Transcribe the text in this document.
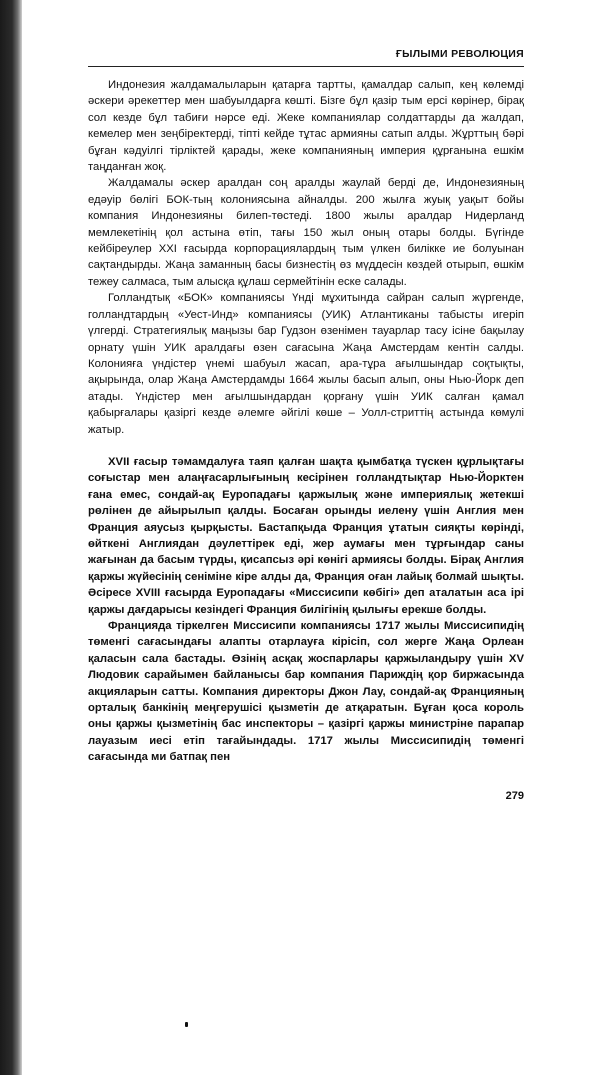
ҒЫЛЫМИ РЕВОЛЮЦИЯ

Индонезия жалдамалыларын қатарға тартты, қамалдар салып, кең көлемді әскери әрекеттер мен шабуылдарға көшті. Бізге бұл қазір тым ерсі көрінер, бірақ сол кезде бұл табиғи нәрсе еді. Жеке компаниялар солдаттарды да жалдап, кемелер мен зеңбіректерді, тіпті кейде тұтас армияны сатып алды. Жұрттың бәрі бұған кәдуілгі тірліктей қарады, жеке компанияның империя құрғанына ешкім таңданған жоқ.

Жалдамалы әскер аралдан соң аралды жаулай берді де, Индонезияның едәуір бөлігі БОК-тың колониясына айналды. 200 жылға жуық уақыт бойы компания Индонезияны билеп-төстеді. 1800 жылы аралдар Нидерланд мемлекетінің қол астына өтіп, тағы 150 жыл оның отары болды. Бүгінде кейбіреулер XXI ғасырда корпорациялардың тым үлкен билікке ие болуынан сақтандырды. Жаңа заманның басы бизнестің өз мүддесін көздей отырып, өшкім тежеу салмаса, тым алысқа құлаш сермейтінін еске салады.

Голландтық «БОК» компаниясы Үнді мұхитында сайран салып жүргенде, голландтардың «Уест-Инд» компаниясы (УИК) Атлантиканы табысты игеріп үлгерді. Стратегиялық маңызы бар Гудзон өзенімен тауарлар тасу ісіне бақылау орнату үшін УИК аралдағы өзен сағасына Жаңа Амстердам кентін салды. Колонияға үндістер үнемі шабуыл жасап, ара-тұра ағылшындар соқтықты, ақырында, олар Жаңа Амстердамды 1664 жылы басып алып, оны Нью-Йорк деп атады. Үндістер мен ағылшындардан қорғану үшін УИК салған қамал қабырғалары қазіргі кезде әлемге әйгілі көше – Уолл-стриттің астында көмулі жатыр.

XVII ғасыр тәмамдалуға таяп қалған шақта қымбатқа түскен құрлықтағы соғыстар мен алаңғасарлығының кесірінен голландтықтар Нью-Йорктен ғана емес, сондай-ақ Еуропадағы қаржылық және империялық жетекші рөлінен де айырылып қалды. Босаған орынды иелену үшін Англия мен Франция аяусыз қырқысты. Бастапқыда Франция ұтатын сияқты көрінді, өйткені Англиядан дәулеттірек еді, жер аумағы мен тұрғындар саны жағынан да басым түрды, қисапсыз әрі көнігі армиясы болды. Бірақ Англия қаржы жүйесінің сеніміне кіре алды да, Франция оған лайық болмай шықты. Әсіресе XVIII ғасырда Еуропадағы «Миссисипи көбігі» деп аталатын аса ірі қаржы дағдарысы кезіндегі Франция билігінің қылығы ерекше болды.

Францияда тіркелген Миссисипи компаниясы 1717 жылы Миссисипидің төменгі сағасындағы алапты отарлауға кірісіп, сол жерге Жаңа Орлеан қаласын сала бастады. Өзінің асқақ жоспарлары қаржыландыру үшін XV Людовик сарайымен байланысы бар компания Париждің қор биржасында акцияларын сатты. Компания директоры Джон Лау, сондай-ақ Францияның орталық банкінің меңгерушісі қызметін де атқаратын. Бұған қоса король оны қаржы қызметінің бас инспекторы – қазіргі қаржы министріне парапар лауазым иесі етіп тағайындады. 1717 жылы Миссисипидің төменгі сағасында ми батпақ пен

279
